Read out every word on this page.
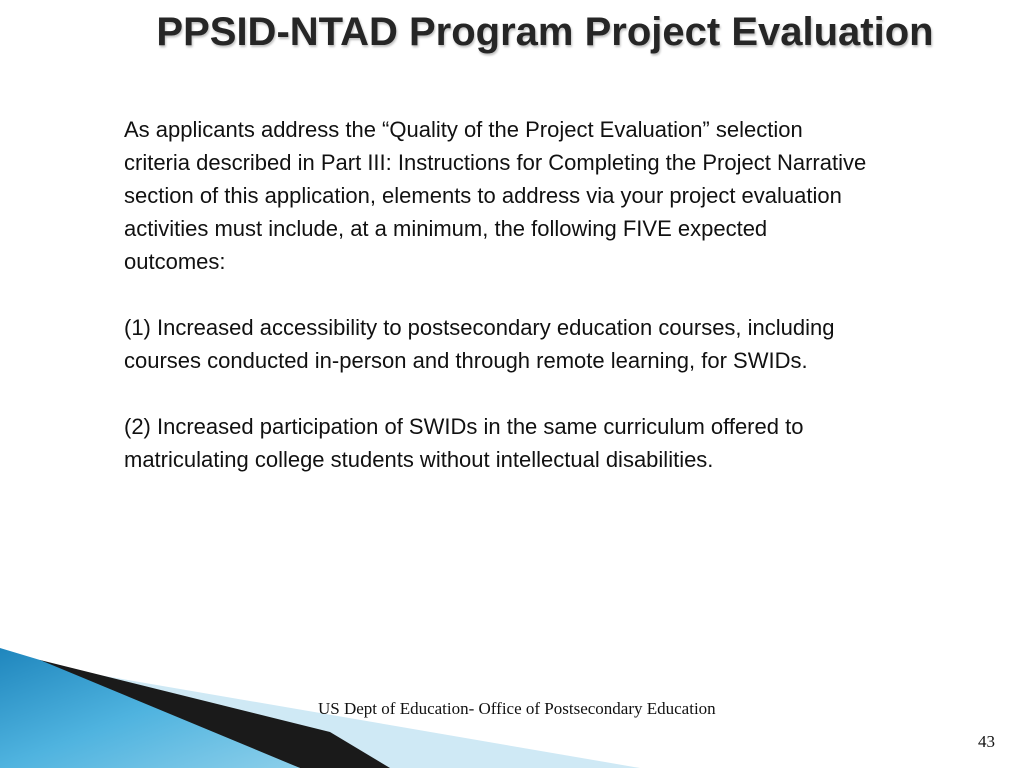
PPSID-NTAD Program Project Evaluation

As applicants address the “Quality of the Project Evaluation” selection criteria described in Part III: Instructions for Completing the Project Narrative section of this application, elements to address via your project evaluation activities must include, at a minimum, the following FIVE expected outcomes:

(1) Increased accessibility to postsecondary education courses, including courses conducted in-person and through remote learning, for SWIDs.

(2) Increased participation of SWIDs in the same curriculum offered to matriculating college students without intellectual disabilities.

US Dept of Education- Office of Postsecondary Education
43
